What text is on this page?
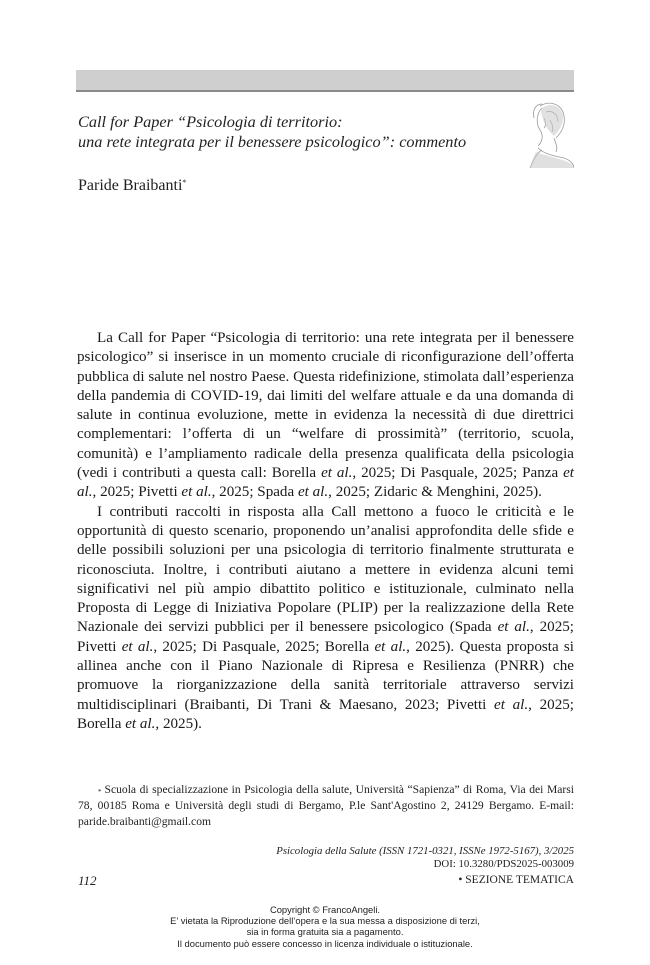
Call for Paper “Psicologia di territorio:
una rete integrata per il benessere psicologico”: commento
Paride Braibanti*

La Call for Paper “Psicologia di territorio: una rete integrata per il benessere psicologico” si inserisce in un momento cruciale di riconfigurazione dell’offerta pubblica di salute nel nostro Paese. Questa ridefinizione, stimolata dall’esperienza della pandemia di COVID-19, dai limiti del welfare attuale e da una domanda di salute in continua evoluzione, mette in evidenza la necessità di due direttrici complementari: l’offerta di un “welfare di prossimità” (territorio, scuola, comunità) e l’ampliamento radicale della presenza qualificata della psicologia (vedi i contributi a questa call: Borella et al., 2025; Di Pasquale, 2025; Panza et al., 2025; Pivetti et al., 2025; Spada et al., 2025; Zidaric & Menghini, 2025).

I contributi raccolti in risposta alla Call mettono a fuoco le criticità e le opportunità di questo scenario, proponendo un’analisi approfondita delle sfide e delle possibili soluzioni per una psicologia di territorio finalmente strutturata e riconosciuta. Inoltre, i contributi aiutano a mettere in evidenza alcuni temi significativi nel più ampio dibattito politico e istituzionale, culminato nella Proposta di Legge di Iniziativa Popolare (PLIP) per la realizzazione della Rete Nazionale dei servizi pubblici per il benessere psicologico (Spada et al., 2025; Pivetti et al., 2025; Di Pasquale, 2025; Borella et al., 2025). Questa proposta si allinea anche con il Piano Nazionale di Ripresa e Resilienza (PNRR) che promuove la riorganizzazione della sanità territoriale attraverso servizi multidisciplinari (Braibanti, Di Trani & Maesano, 2023; Pivetti et al., 2025; Borella et al., 2025).

* Scuola di specializzazione in Psicologia della salute, Università “Sapienza” di Roma, Via dei Marsi 78, 00185 Roma e Università degli studi di Bergamo, P.le Sant'Agostino 2, 24129 Bergamo. E-mail: paride.braibanti@gmail.com

Psicologia della Salute (ISSN 1721-0321, ISSNe 1972-5167), 3/2025
DOI: 10.3280/PDS2025-003009
112	• SEZIONE TEMATICA
Copyright © FrancoAngeli.
E’ vietata la Riproduzione dell’opera e la sua messa a disposizione di terzi,
sia in forma gratuita sia a pagamento.
Il documento può essere concesso in licenza individuale o istituzionale.
